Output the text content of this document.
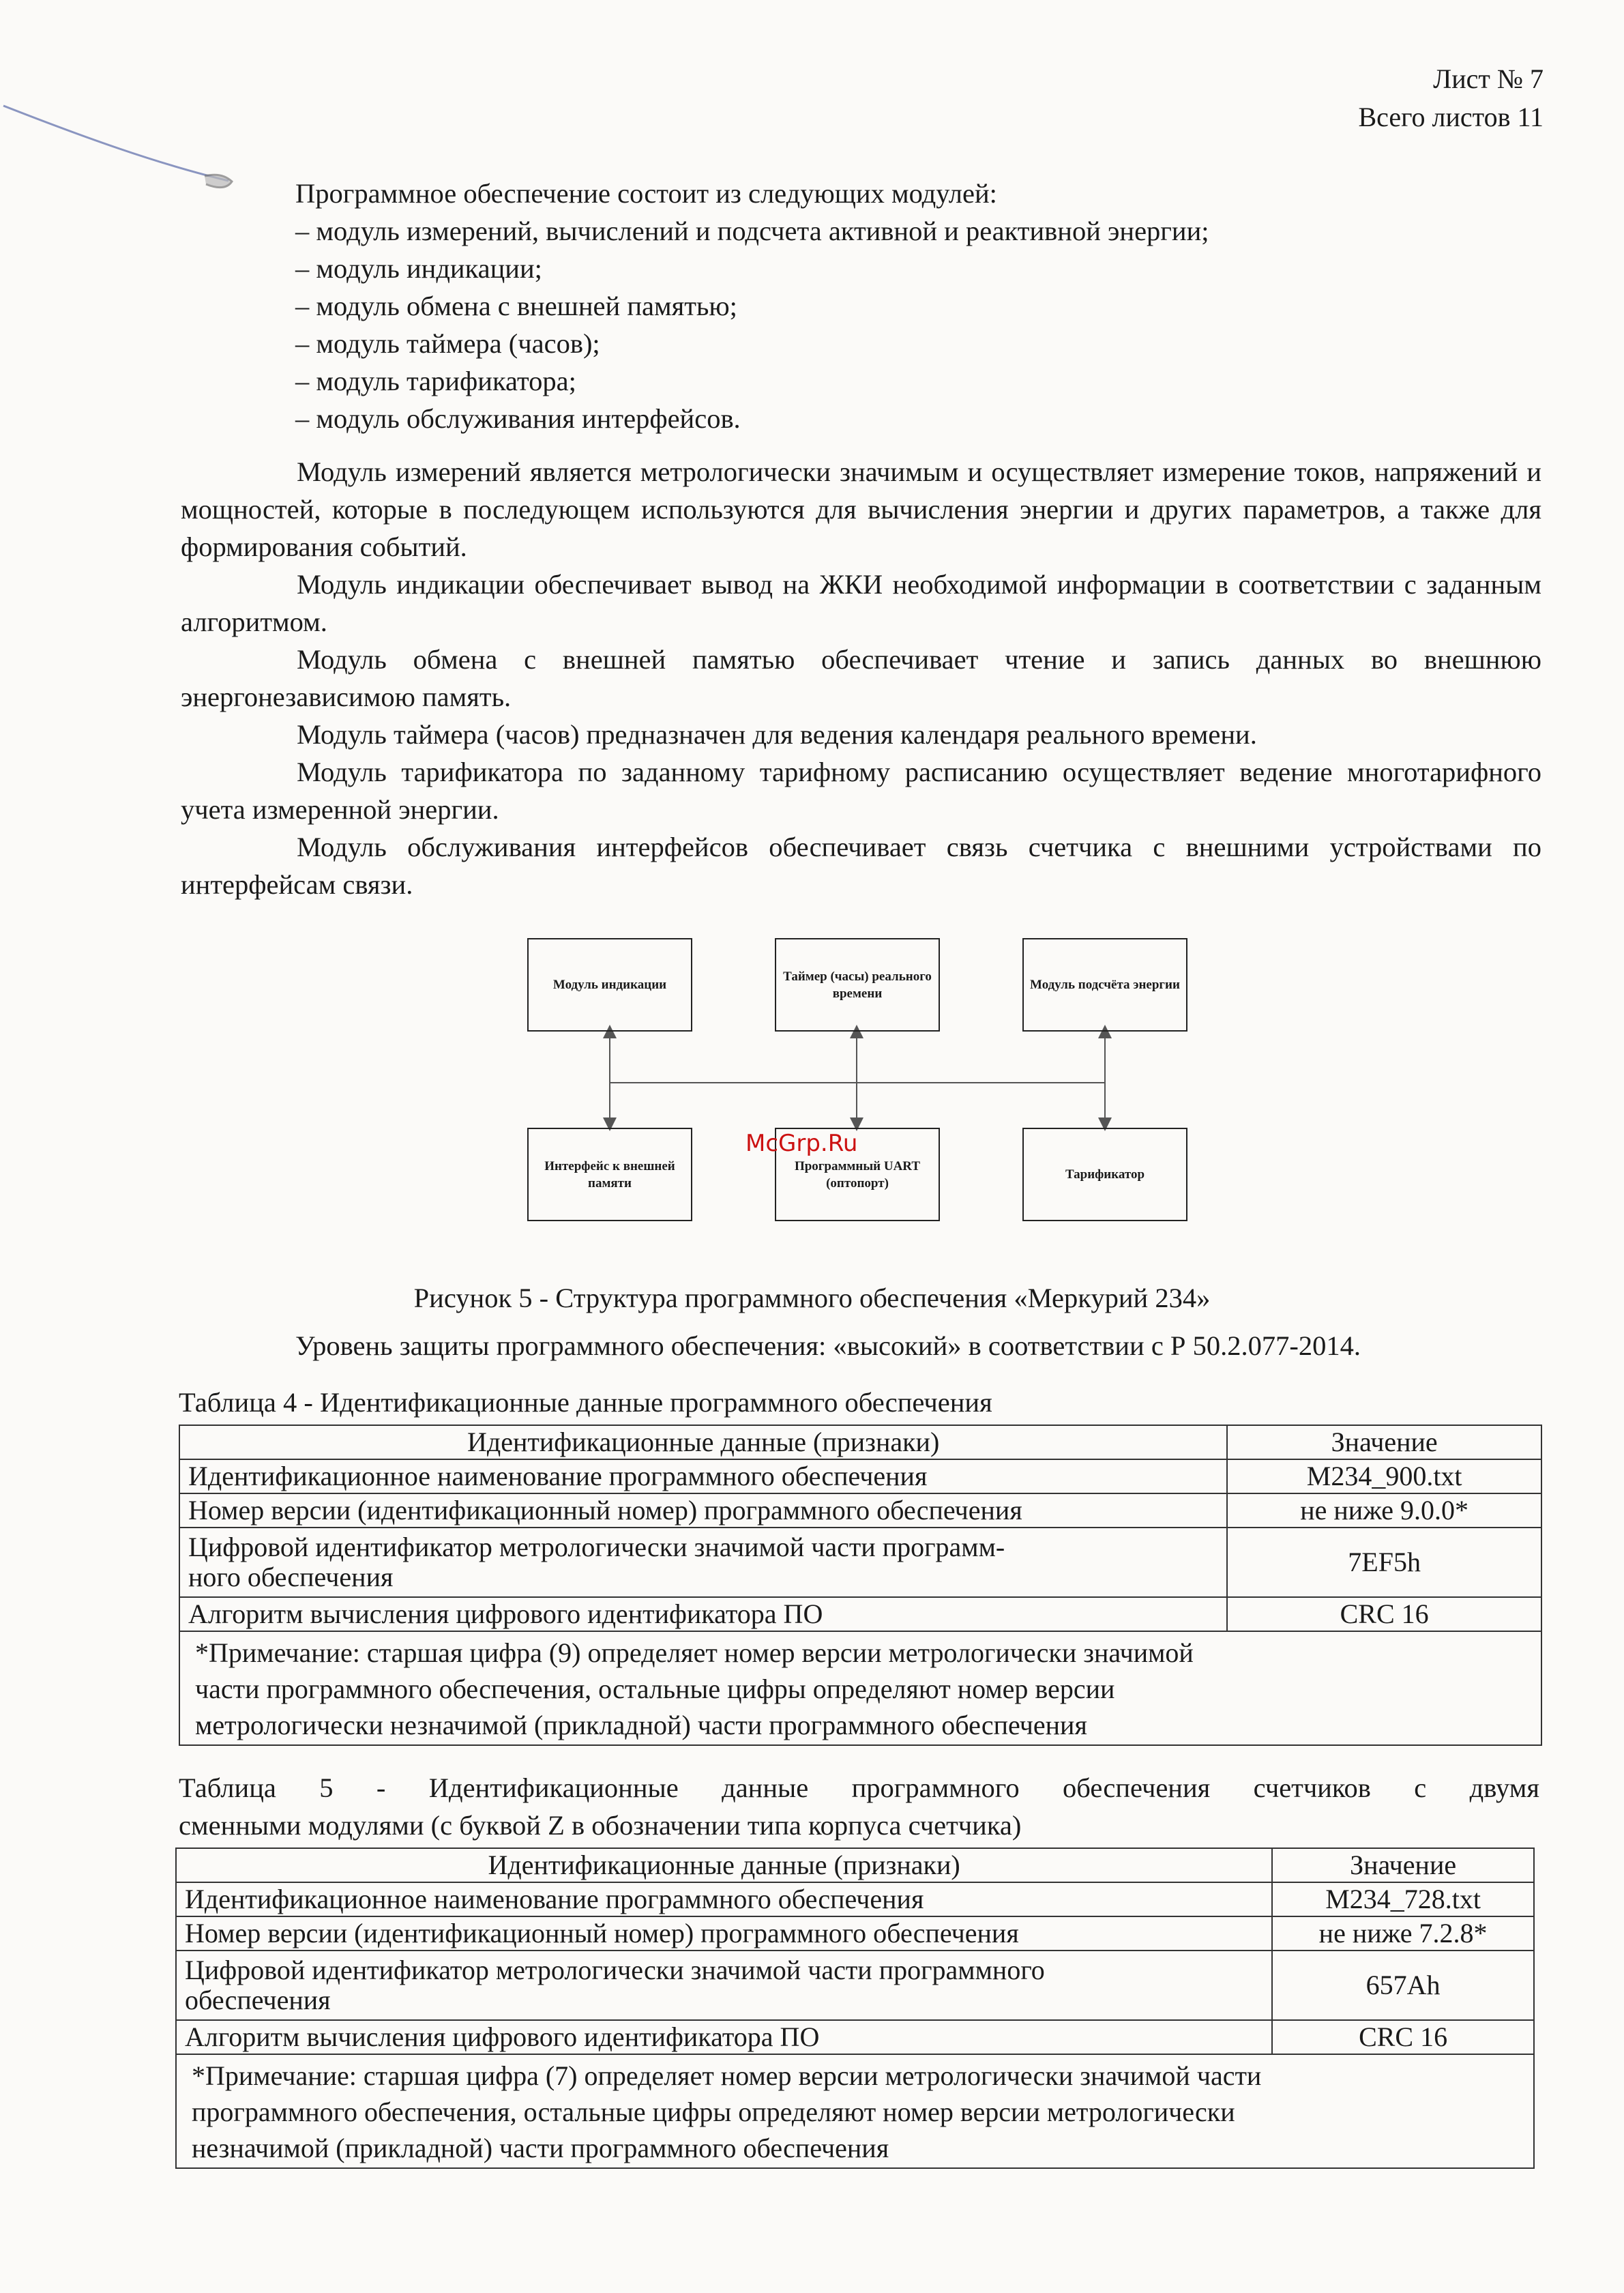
Лист № 7
Всего листов 11
Программное обеспечение состоит из следующих модулей:
– модуль измерений, вычислений и подсчета активной и реактивной энергии;
– модуль индикации;
– модуль обмена с внешней памятью;
– модуль таймера (часов);
– модуль тарификатора;
– модуль обслуживания интерфейсов.
Модуль измерений является метрологически значимым и осуществляет измерение токов, напряжений и мощностей, которые в последующем используются для вычисления энергии и других параметров, а также для формирования событий.
Модуль индикации обеспечивает вывод на ЖКИ необходимой информации в соответствии с заданным алгоритмом.
Модуль обмена с внешней памятью обеспечивает чтение и запись данных во внешнюю энергонезависимою память.
Модуль таймера (часов) предназначен для ведения календаря реального времени.
Модуль тарификатора по заданному тарифному расписанию осуществляет ведение многотарифного учета измеренной энергии.
Модуль обслуживания интерфейсов обеспечивает связь счетчика с внешними устройствами по интерфейсам связи.
Модуль индикации
Таймер (часы) реального времени
Модуль подсчёта энергии
Интерфейс к внешней памяти
Программный UART (оптопорт)
Тарификатор
McGrp.Ru
Рисунок 5 - Структура программного обеспечения «Меркурий 234»
Уровень защиты программного обеспечения: «высокий» в соответствии с Р 50.2.077-2014.
Таблица 4 - Идентификационные данные программного обеспечения
Идентификационные данные (признаки)	Значение
Идентификационное наименование программного обеспечения	M234_900.txt
Номер версии (идентификационный номер) программного обеспечения	не ниже 9.0.0*

Цифровой идентификатор метрологически значимой части программ-
ного обеспечения	7EF5h
Алгоритм вычисления цифрового идентификатора ПО	CRC 16

*Примечание: старшая цифра (9) определяет номер версии метрологически значимой
части программного обеспечения, остальные цифры определяют номер версии
метрологически незначимой (прикладной) части программного обеспечения	
Таблица 5 - Идентификационные данные программного обеспечения счетчиков с двумя
сменными модулями (с буквой Z в обозначении типа корпуса счетчика)
Идентификационные данные (признаки)	Значение
Идентификационное наименование программного обеспечения	M234_728.txt
Номер версии (идентификационный номер) программного обеспечения	не ниже 7.2.8*

Цифровой идентификатор метрологически значимой части программного
обеспечения	657Ah
Алгоритм вычисления цифрового идентификатора ПО	CRC 16

*Примечание: старшая цифра (7) определяет номер версии метрологически значимой части
программного обеспечения, остальные цифры определяют номер версии метрологически
незначимой (прикладной) части программного обеспечения	
